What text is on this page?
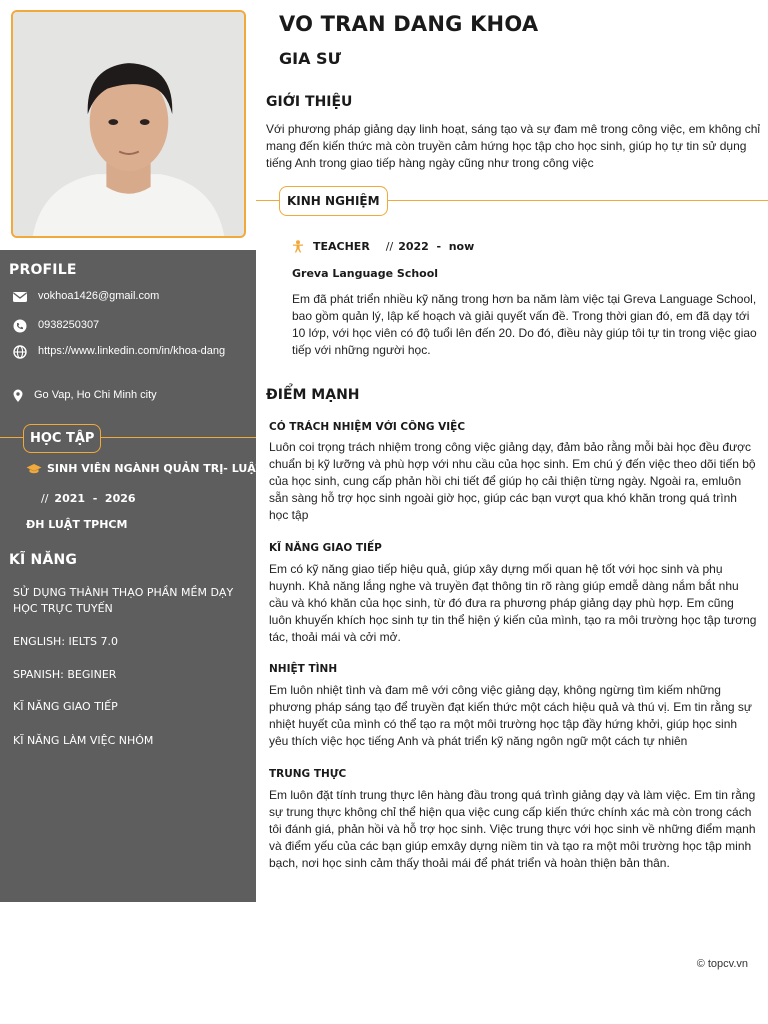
PROFILE
vokhoa1426@gmail.com
0938250307
https://www.linkedin.com/in/khoa-dang
Go Vap, Ho Chi Minh city
HỌC TẬP
SINH VIÊN NGÀNH QUẢN TRỊ- LUẬT
// 2021  -  2026
ĐH LUẬT TPHCM
KĨ NĂNG
SỬ DỤNG THÀNH THẠO PHẦN MỀM DẠY HỌC TRỰC TUYẾN
ENGLISH: IELTS 7.0
SPANISH: BEGINER
KĨ NĂNG GIAO TIẾP
KĨ NĂNG LÀM VIỆC NHÓM
VO TRAN DANG KHOA
GIA SƯ
GIỚI THIỆU
Với phương pháp giảng dạy linh hoạt, sáng tạo và sự đam mê trong công việc, em không chỉ mang đến kiến thức mà còn truyền cảm hứng học tập cho học sinh, giúp họ tự tin sử dụng tiếng Anh trong giao tiếp hàng ngày cũng như trong công việc
KINH NGHIỆM
TEACHER // 2022  -  now
Greva Language School
Em đã phát triển nhiều kỹ năng trong hơn ba năm làm việc tại Greva Language School, bao gồm quản lý, lập kế hoạch và giải quyết vấn đề. Trong thời gian đó, em đã dạy tới 10 lớp, với học viên có độ tuổi lên đến 20. Do đó, điều này giúp tôi tự tin trong việc giao tiếp với những người học.
ĐIỂM MẠNH
CÓ TRÁCH NHIỆM VỚI CÔNG VIỆC
Luôn coi trọng trách nhiệm trong công việc giảng dạy, đảm bảo rằng mỗi bài học đều được chuẩn bị kỹ lưỡng và phù hợp với nhu cầu của học sinh. Em chú ý đến việc theo dõi tiến bộ của học sinh, cung cấp phản hồi chi tiết để giúp họ cải thiện từng ngày. Ngoài ra, emluôn sẵn sàng hỗ trợ học sinh ngoài giờ học, giúp các bạn vượt qua khó khăn trong quá trình học tập
KĨ NĂNG GIAO TIẾP
Em có kỹ năng giao tiếp hiệu quả, giúp xây dựng mối quan hệ tốt với học sinh và phụ huynh. Khả năng lắng nghe và truyền đạt thông tin rõ ràng giúp emdễ dàng nắm bắt nhu cầu và khó khăn của học sinh, từ đó đưa ra phương pháp giảng dạy phù hợp. Em cũng luôn khuyến khích học sinh tự tin thể hiện ý kiến của mình, tạo ra môi trường học tập tương tác, thoải mái và cởi mở.
NHIỆT TÌNH
Em luôn nhiệt tình và đam mê với công việc giảng dạy, không ngừng tìm kiếm những phương pháp sáng tạo để truyền đạt kiến thức một cách hiệu quả và thú vị. Em tin rằng sự nhiệt huyết của mình có thể tạo ra một môi trường học tập đầy hứng khởi, giúp học sinh yêu thích việc học tiếng Anh và phát triển kỹ năng ngôn ngữ một cách tự nhiên
TRUNG THỰC
Em luôn đặt tính trung thực lên hàng đầu trong quá trình giảng dạy và làm việc. Em tin rằng sự trung thực không chỉ thể hiện qua việc cung cấp kiến thức chính xác mà còn trong cách tôi đánh giá, phản hồi và hỗ trợ học sinh. Việc trung thực với học sinh về những điểm mạnh và điểm yếu của các bạn giúp emxây dựng niềm tin và tạo ra một môi trường học tập minh bạch, nơi học sinh cảm thấy thoải mái để phát triển và hoàn thiện bản thân.
© topcv.vn
